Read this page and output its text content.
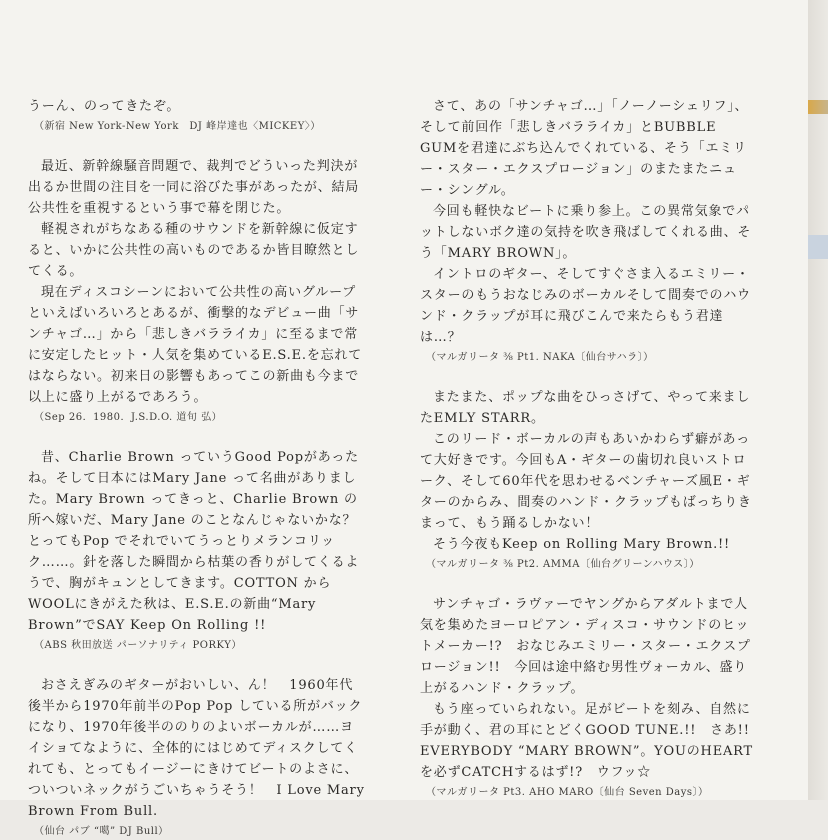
うーん、のってきたぞ。

（新宿 New York-New York　DJ 峰岸達也〈MICKEY〉）

最近、新幹線騒音問題で、裁判でどういった判決が出るか世間の注目を一同に浴びた事があったが、結局公共性を重視するという事で幕を閉じた。

軽視されがちなある種のサウンドを新幹線に仮定すると、いかに公共性の高いものであるか皆目瞭然としてくる。

現在ディスコシーンにおいて公共性の高いグループといえばいろいろとあるが、衝撃的なデビュー曲「サンチャゴ…」から「悲しきバラライカ」に至るまで常に安定したヒット・人気を集めているE.S.E.を忘れてはならない。初来日の影響もあってこの新曲も今まで以上に盛り上がるであろう。

（Sep 26．1980．J.S.D.O. 道旬 弘）

昔、Charlie Brown っていうGood Popがあったね。そして日本にはMary Jane って名曲がありました。Mary Brown ってきっと、Charlie Brown の所へ嫁いだ、Mary Jane のことなんじゃないかな？　とってもPop でそれでいてうっとりメランコリック……。針を落した瞬間から枯葉の香りがしてくるようで、胸がキュンとしてきます。COTTON からWOOLにきがえた秋は、E.S.E.の新曲“Mary Brown”でSAY Keep On Rolling !!

（ABS 秋田放送 パーソナリティ PORKY）

おさえぎみのギターがおいしい、ん！　1960年代後半から1970年前半のPop Pop している所がバックになり、1970年後半ののりのよいボーカルが……ヨイショてなように、全体的にはじめてディスクしてくれても、とってもイージーにきけてビートのよさに、ついついネックがうごいちゃうそう！　I Love Mary Brown From Bull.

（仙台 パブ “噶” DJ Bull）

さて、あの「サンチャゴ…」「ノーノーシェリフ」、そして前回作「悲しきバラライカ」とBUBBLE GUMを君達にぶち込んでくれている、そう「エミリー・スター・エクスプロージョン」のまたまたニュー・シングル。

今回も軽快なビートに乗り参上。この異常気象でパットしないボク達の気持を吹き飛ばしてくれる曲、そう「MARY BROWN」。

イントロのギター、そしてすぐさま入るエミリー・スターのもうおなじみのボーカルそして間奏でのハウンド・クラップが耳に飛びこんで来たらもう君達は…？

（マルガリータ ⅜ Pt1. NAKA〔仙台サハラ〕）

またまた、ポップな曲をひっさげて、やって来ましたEMLY STARR。

このリード・ボーカルの声もあいかわらず癖があって大好きです。今回もA・ギターの歯切れ良いストローク、そして60年代を思わせるベンチャーズ風E・ギターのからみ、間奏のハンド・クラップもばっちりきまって、もう踊るしかない！

そう今夜もKeep on Rolling Mary Brown.!!

（マルガリータ ⅜ Pt2. AMMA〔仙台グリーンハウス〕）

サンチャゴ・ラヴァーでヤングからアダルトまで人気を集めたヨーロピアン・ディスコ・サウンドのヒットメーカー!?　おなじみエミリー・スター・エクスプロージョン!!　今回は途中絡む男性ヴォーカル、盛り上がるハンド・クラップ。

もう座っていられない。足がビートを刻み、自然に手が動く、君の耳にとどくGOOD TUNE.!!　さあ!! EVERYBODY “MARY BROWN”。YOUのHEARTを必ずCATCHするはず!?　ウフッ☆

（マルガリータ Pt3. AHO MARO〔仙台 Seven Days〕）
